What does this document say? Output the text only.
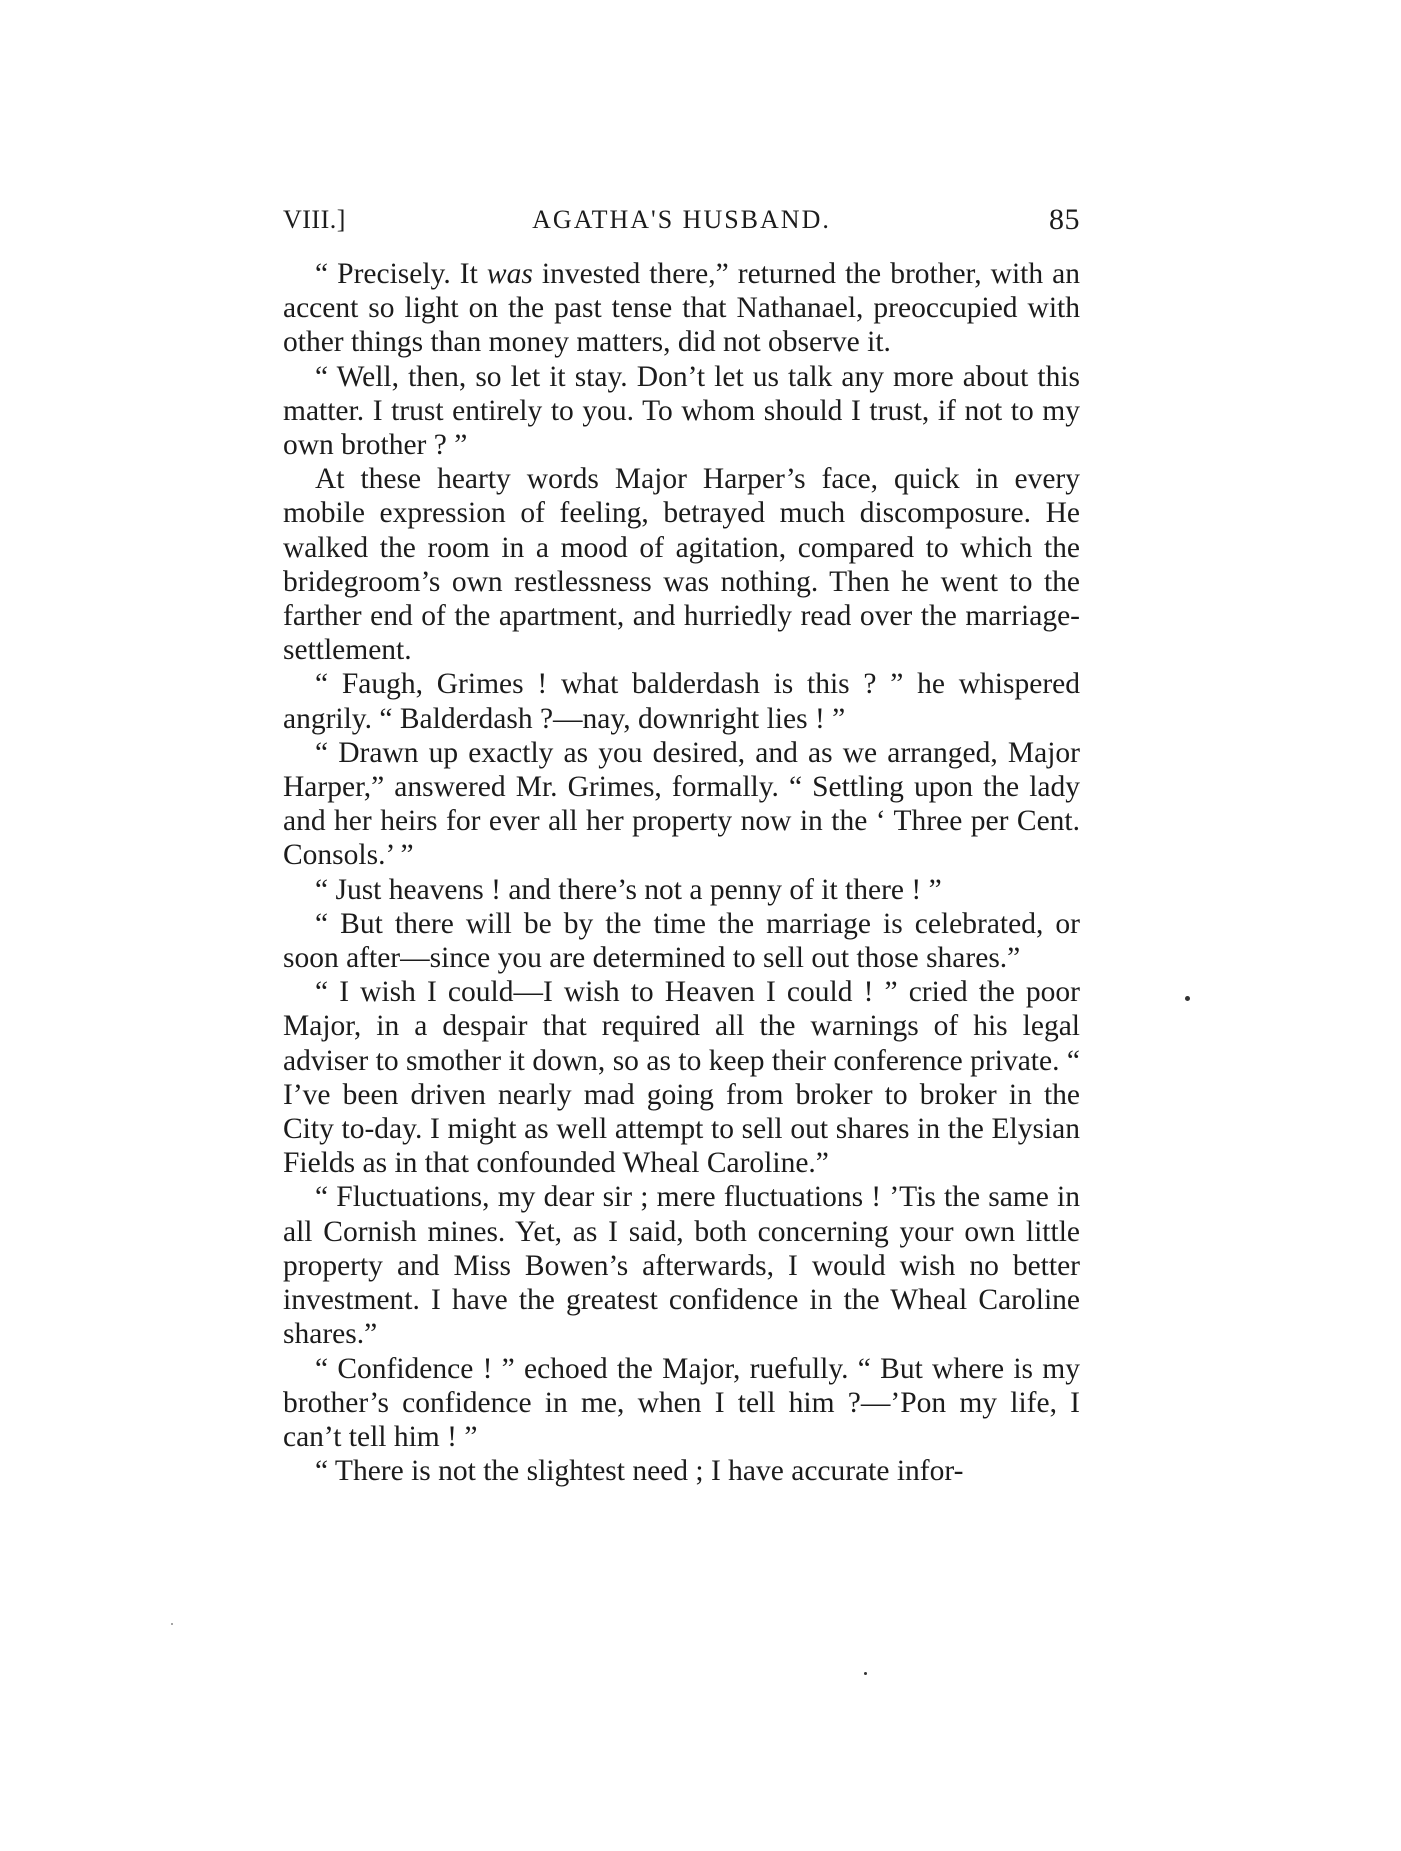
VIII.]	AGATHA'S HUSBAND.	85

“ Precisely. It was invested there,” returned the brother, with an accent so light on the past tense that Nathanael, preoccupied with other things than money matters, did not observe it.

“ Well, then, so let it stay. Don’t let us talk any more about this matter. I trust entirely to you. To whom should I trust, if not to my own brother ? ”

At these hearty words Major Harper’s face, quick in every mobile expression of feeling, betrayed much discomposure. He walked the room in a mood of agitation, compared to which the bridegroom’s own restlessness was nothing. Then he went to the farther end of the apartment, and hurriedly read over the marriage-settlement.

“ Faugh, Grimes ! what balderdash is this ? ” he whispered angrily. “ Balderdash ?—nay, downright lies ! ”

“ Drawn up exactly as you desired, and as we arranged, Major Harper,” answered Mr. Grimes, formally. “ Settling upon the lady and her heirs for ever all her property now in the ‘ Three per Cent. Consols.’ ”

“ Just heavens ! and there’s not a penny of it there ! ”

“ But there will be by the time the marriage is celebrated, or soon after—since you are determined to sell out those shares.”

“ I wish I could—I wish to Heaven I could ! ” cried the poor Major, in a despair that required all the warnings of his legal adviser to smother it down, so as to keep their conference private. “ I’ve been driven nearly mad going from broker to broker in the City to-day. I might as well attempt to sell out shares in the Elysian Fields as in that confounded Wheal Caroline.”

“ Fluctuations, my dear sir ; mere fluctuations ! ’Tis the same in all Cornish mines. Yet, as I said, both concerning your own little property and Miss Bowen’s afterwards, I would wish no better investment. I have the greatest confidence in the Wheal Caroline shares.”

“ Confidence ! ” echoed the Major, ruefully. “ But where is my brother’s confidence in me, when I tell him ?—’Pon my life, I can’t tell him ! ”

“ There is not the slightest need ; I have accurate infor-
